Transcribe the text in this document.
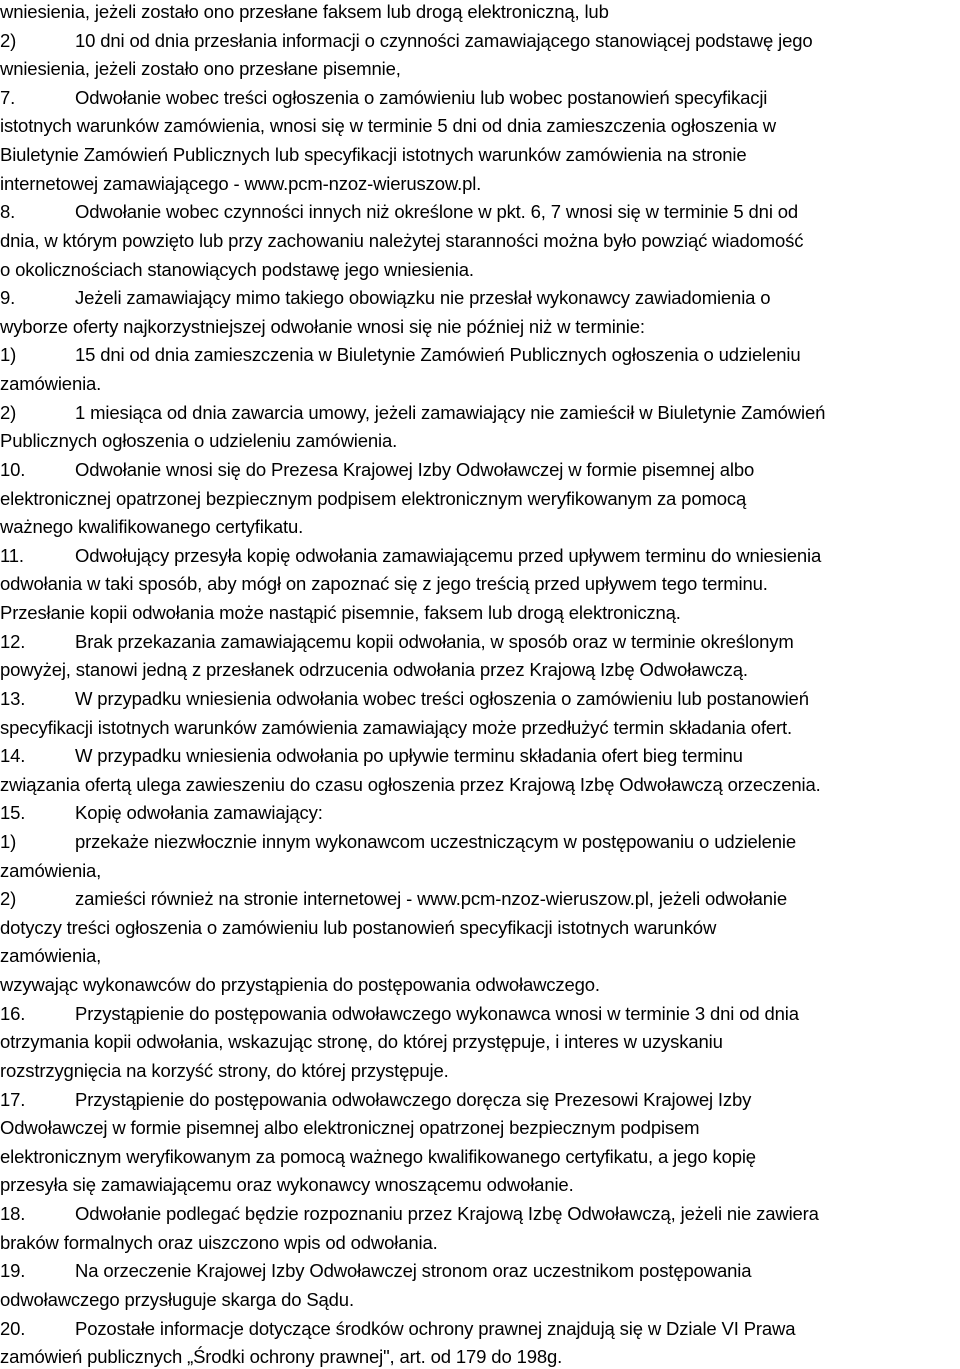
wniesienia, jeżeli zostało ono przesłane faksem lub drogą elektroniczną, lub
2)	10 dni od dnia przesłania informacji o czynności zamawiającego stanowiącej podstawę jego
wniesienia, jeżeli zostało ono przesłane pisemnie,
7.	Odwołanie wobec treści ogłoszenia o zamówieniu lub wobec postanowień specyfikacji
istotnych warunków zamówienia, wnosi się w terminie 5 dni od dnia zamieszczenia ogłoszenia w
Biuletynie Zamówień Publicznych lub specyfikacji istotnych warunków zamówienia na stronie
internetowej zamawiającego - www.pcm-nzoz-wieruszow.pl.
8.	Odwołanie wobec czynności innych niż określone w pkt. 6, 7 wnosi się w terminie 5 dni od
dnia, w którym powzięto lub przy zachowaniu należytej staranności można było powziąć wiadomość
o okolicznościach stanowiących podstawę jego wniesienia.
9.	Jeżeli zamawiający mimo takiego obowiązku nie przesłał wykonawcy zawiadomienia o
wyborze oferty najkorzystniejszej odwołanie wnosi się nie później niż w terminie:
1)	15 dni od dnia zamieszczenia w Biuletynie Zamówień Publicznych ogłoszenia o udzieleniu
zamówienia.
2)	1 miesiąca od dnia zawarcia umowy, jeżeli zamawiający nie zamieścił w Biuletynie Zamówień
Publicznych ogłoszenia o udzieleniu zamówienia.
10.	Odwołanie wnosi się do Prezesa Krajowej Izby Odwoławczej w formie pisemnej albo
elektronicznej opatrzonej bezpiecznym podpisem elektronicznym weryfikowanym za pomocą
ważnego kwalifikowanego certyfikatu.
11.	Odwołujący przesyła kopię odwołania zamawiającemu przed upływem terminu do wniesienia
odwołania w taki sposób, aby mógł on zapoznać się z jego treścią przed upływem tego terminu.
Przesłanie kopii odwołania może nastąpić pisemnie, faksem lub drogą elektroniczną.
12.	Brak przekazania zamawiającemu kopii odwołania, w sposób oraz w terminie określonym
powyżej, stanowi jedną z przesłanek odrzucenia odwołania przez Krajową Izbę Odwoławczą.
13.	W przypadku wniesienia odwołania wobec treści ogłoszenia o zamówieniu lub postanowień
specyfikacji istotnych warunków zamówienia zamawiający może przedłużyć termin składania ofert.
14.	W przypadku wniesienia odwołania po upływie terminu składania ofert bieg terminu
związania ofertą ulega zawieszeniu do czasu ogłoszenia przez Krajową Izbę Odwoławczą orzeczenia.
15.	Kopię odwołania zamawiający:
1)	przekaże niezwłocznie innym wykonawcom uczestniczącym w postępowaniu o udzielenie
zamówienia,
2)	zamieści również na stronie internetowej - www.pcm-nzoz-wieruszow.pl, jeżeli odwołanie
dotyczy treści ogłoszenia o zamówieniu lub postanowień specyfikacji istotnych warunków
zamówienia,
wzywając wykonawców do przystąpienia do postępowania odwoławczego.
16.	Przystąpienie do postępowania odwoławczego wykonawca wnosi w terminie 3 dni od dnia
otrzymania kopii odwołania, wskazując stronę, do której przystępuje, i interes w uzyskaniu
rozstrzygnięcia na korzyść strony, do której przystępuje.
17.	Przystąpienie do postępowania odwoławczego doręcza się Prezesowi Krajowej Izby
Odwoławczej w formie pisemnej albo elektronicznej opatrzonej bezpiecznym podpisem
elektronicznym weryfikowanym za pomocą ważnego kwalifikowanego certyfikatu, a jego kopię
przesyła się zamawiającemu oraz wykonawcy wnoszącemu odwołanie.
18.	Odwołanie podlegać będzie rozpoznaniu przez Krajową Izbę Odwoławczą, jeżeli nie zawiera
braków formalnych oraz uiszczono wpis od odwołania.
19.	Na orzeczenie Krajowej Izby Odwoławczej stronom oraz uczestnikom postępowania
odwoławczego przysługuje skarga do Sądu.
20.	Pozostałe informacje dotyczące środków ochrony prawnej znajdują się w Dziale VI Prawa
zamówień publicznych „Środki ochrony prawnej", art. od 179 do 198g.
